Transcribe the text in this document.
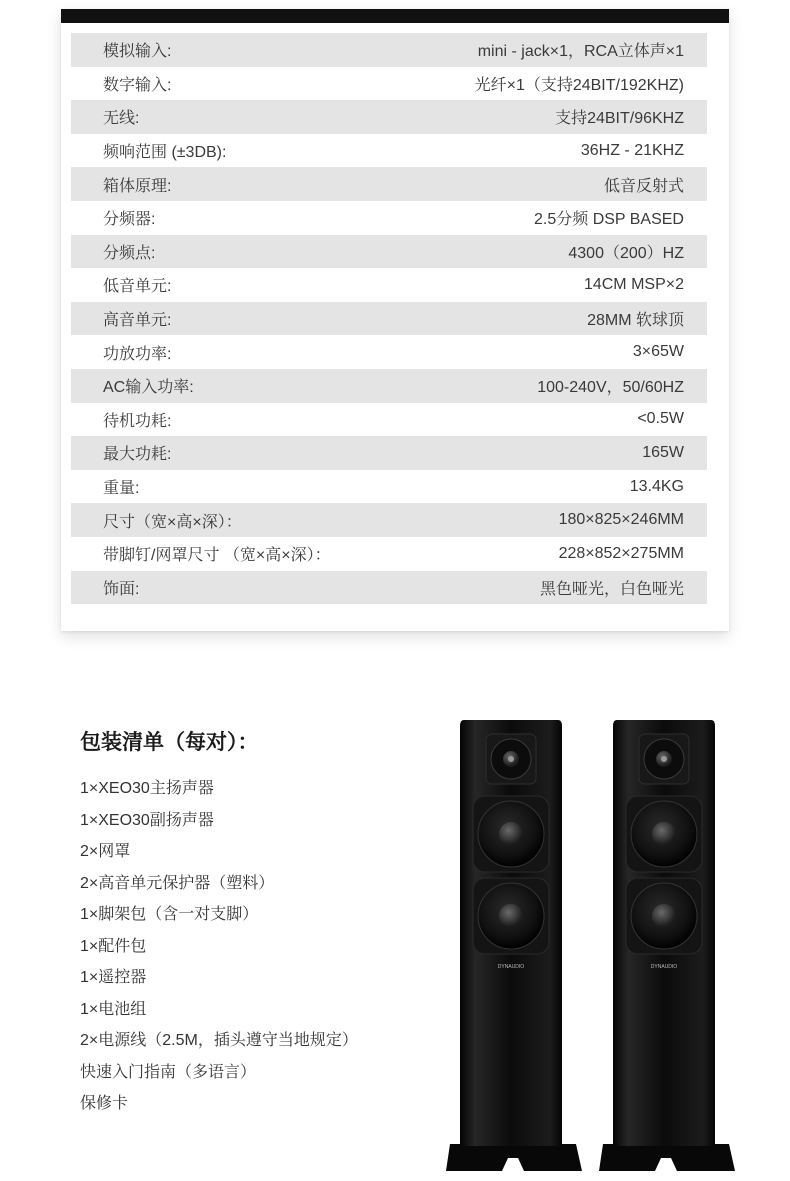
模拟输入:	mini - jack×1，RCA立体声×1
数字输入:	光纤×1（支持24BIT/192KHZ)
无线:	支持24BIT/96KHZ
频响范围 (±3DB):	36HZ - 21KHZ
箱体原理:	低音反射式
分频器:	2.5分频 DSP BASED
分频点:	4300（200）HZ
低音单元:	14CM MSP×2
高音单元:	28MM 软球顶
功放功率:	3×65W
AC输入功率:	100-240V，50/60HZ
待机功耗:	<0.5W
最大功耗:	165W
重量:	13.4KG
尺寸（宽×高×深）：	180×825×246MM
带脚钉/网罩尺寸 （宽×高×深）：	228×852×275MM
饰面:	黑色哑光，白色哑光
包装清单（每对）：
1×XEO30主扬声器
1×XEO30副扬声器
2×网罩
2×高音单元保护器（塑料）
1×脚架包（含一对支脚）
1×配件包
1×遥控器
1×电池组
2×电源线（2.5M，插头遵守当地规定）
快速入门指南（多语言）
保修卡
DYNAUDIO	DYNAUDIO
